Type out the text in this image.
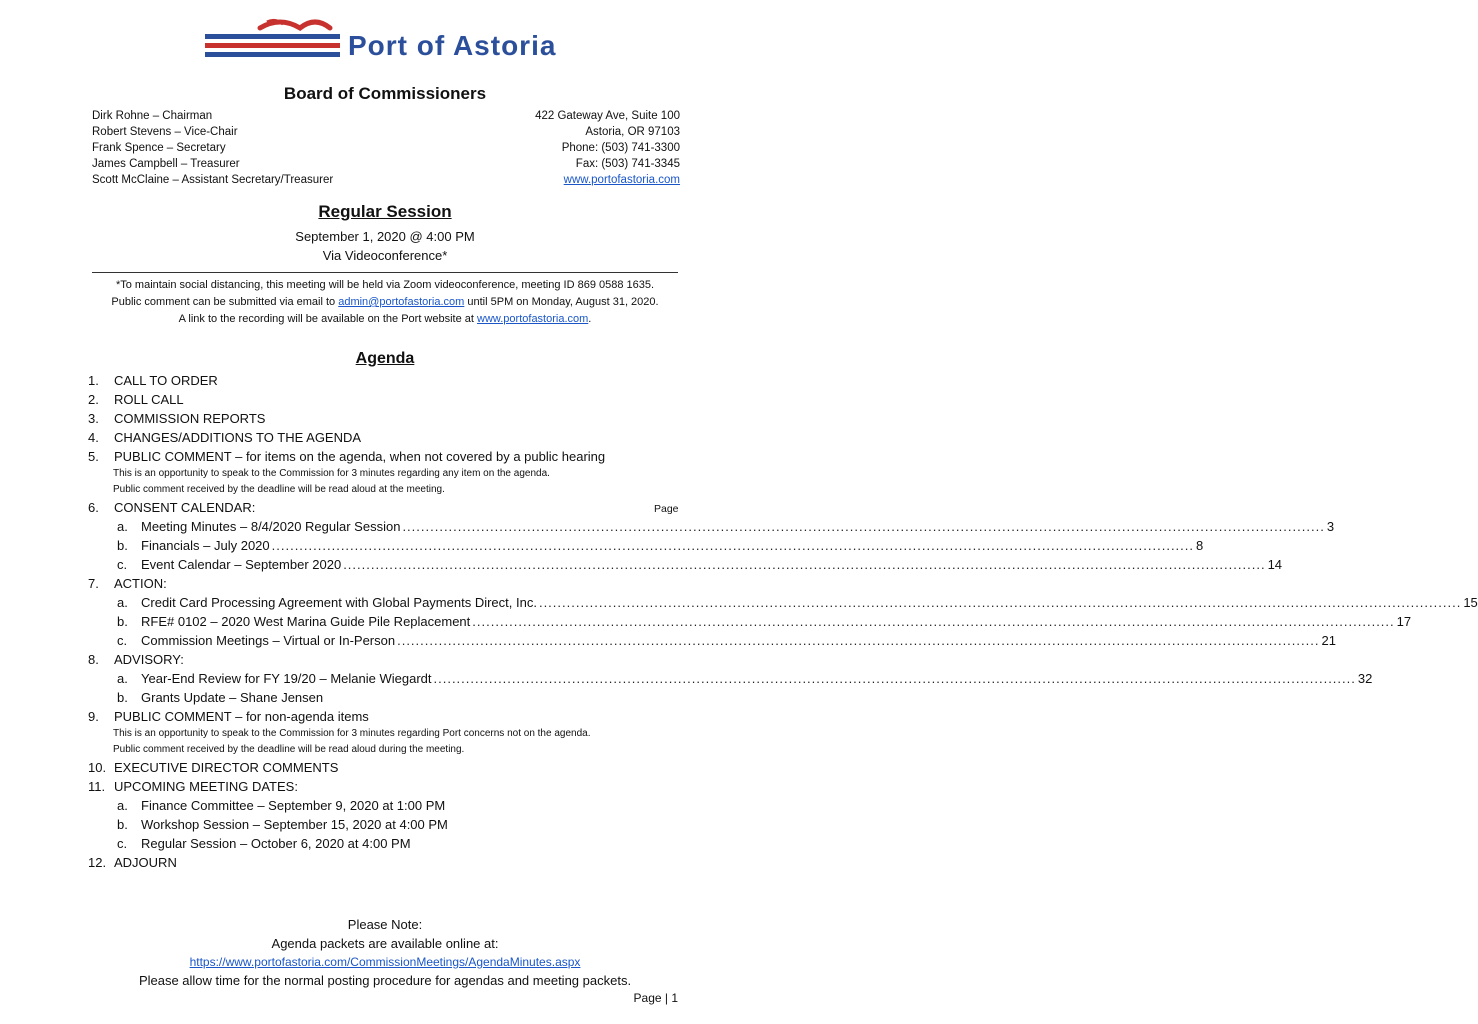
Port of Astoria
Board of Commissioners
Dirk Rohne – Chairman
Robert Stevens – Vice-Chair
Frank Spence – Secretary
James Campbell – Treasurer
Scott McClaine – Assistant Secretary/Treasurer
422 Gateway Ave, Suite 100
Astoria, OR 97103
Phone: (503) 741-3300
Fax: (503) 741-3345
www.portofastoria.com
Regular Session
September 1, 2020 @ 4:00 PM
Via Videoconference*
*To maintain social distancing, this meeting will be held via Zoom videoconference, meeting ID 869 0588 1635.
Public comment can be submitted via email to admin@portofastoria.com until 5PM on Monday, August 31, 2020.
A link to the recording will be available on the Port website at www.portofastoria.com.
Agenda
Page
1. CALL TO ORDER
2. ROLL CALL
3. COMMISSION REPORTS
4. CHANGES/ADDITIONS TO THE AGENDA
5. PUBLIC COMMENT – for items on the agenda, when not covered by a public hearing
This is an opportunity to speak to the Commission for 3 minutes regarding any item on the agenda.
Public comment received by the deadline will be read aloud at the meeting.
6. CONSENT CALENDAR:
a.	Meeting Minutes – 8/4/2020 Regular Session ........................................................................................................................................................................................................ 3
b.	Financials – July 2020 ........................................................................................................................................................................................................ 8
c.	Event Calendar – September 2020 ........................................................................................................................................................................................................ 14
7. ACTION:
a.	Credit Card Processing Agreement with Global Payments Direct, Inc. ........................................................................................................................................................................................................ 15
b.	RFE# 0102 – 2020 West Marina Guide Pile Replacement ........................................................................................................................................................................................................ 17
c.	Commission Meetings – Virtual or In-Person ........................................................................................................................................................................................................ 21
8. ADVISORY:
a.	Year-End Review for FY 19/20 – Melanie Wiegardt ........................................................................................................................................................................................................ 32
b.	Grants Update – Shane Jensen
9. PUBLIC COMMENT – for non-agenda items
This is an opportunity to speak to the Commission for 3 minutes regarding Port concerns not on the agenda.
Public comment received by the deadline will be read aloud during the meeting.
10. EXECUTIVE DIRECTOR COMMENTS
11. UPCOMING MEETING DATES:
a.	Finance Committee – September 9, 2020 at 1:00 PM
b.	Workshop Session – September 15, 2020 at 4:00 PM
c.	Regular Session – October 6, 2020 at 4:00 PM
12. ADJOURN
Please Note:
Agenda packets are available online at:
https://www.portofastoria.com/CommissionMeetings/AgendaMinutes.aspx
Please allow time for the normal posting procedure for agendas and meeting packets.
Page | 1
